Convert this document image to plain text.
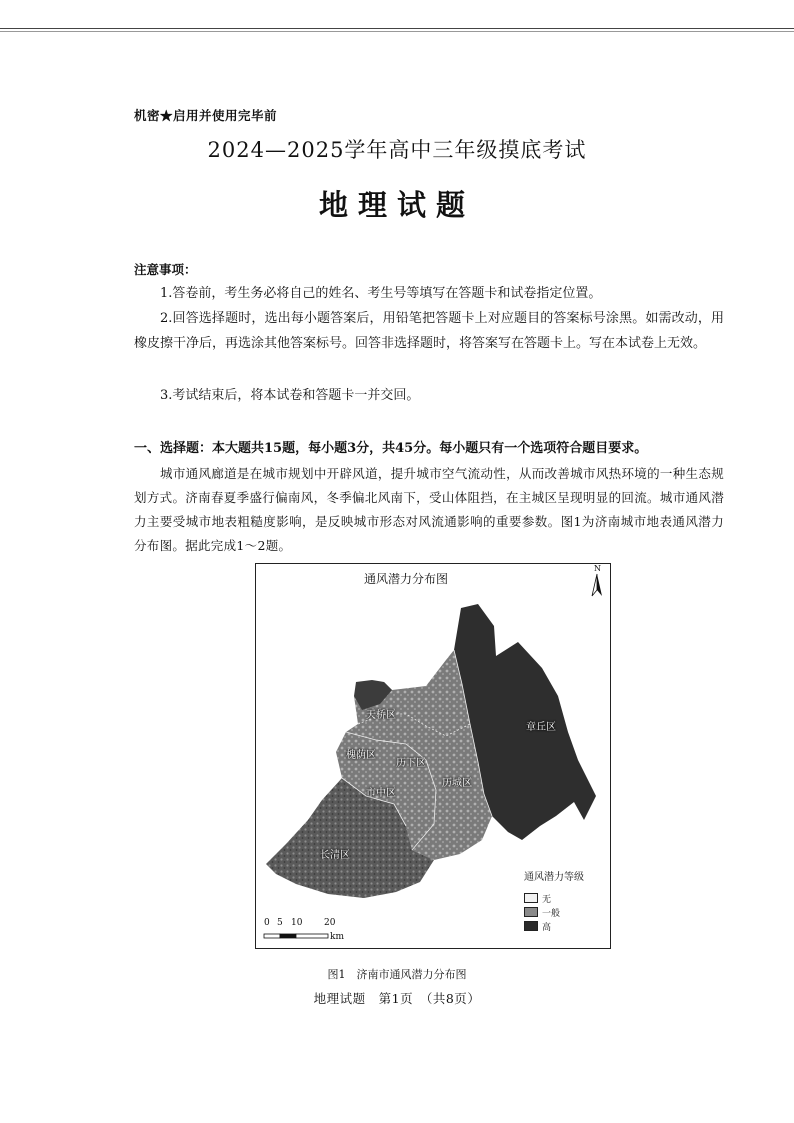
机密★启用并使用完毕前
2024—2025学年高中三年级摸底考试
地理试题
注意事项：
1.答卷前，考生务必将自己的姓名、考生号等填写在答题卡和试卷指定位置。
2.回答选择题时，选出每小题答案后，用铅笔把答题卡上对应题目的答案标号涂黑。如需改动，用橡皮擦干净后，再选涂其他答案标号。回答非选择题时，将答案写在答题卡上。写在本试卷上无效。
3.考试结束后，将本试卷和答题卡一并交回。
一、选择题：本大题共15题，每小题3分，共45分。每小题只有一个选项符合题目要求。
城市通风廊道是在城市规划中开辟风道，提升城市空气流动性，从而改善城市风热环境的一种生态规划方式。济南春夏季盛行偏南风，冬季偏北风南下，受山体阻挡，在主城区呈现明显的回流。城市通风潜力主要受城市地表粗糙度影响，是反映城市形态对风流通影响的重要参数。图1为济南城市地表通风潜力分布图。据此完成1～2题。
通风潜力分布图
N
天桥区
槐荫区
历下区
市中区
历城区
长清区
章丘区
通风潜力等级
无
一般
高
0 5 10 20
km
图1　济南市通风潜力分布图
地理试题　第1页　（共8页）
